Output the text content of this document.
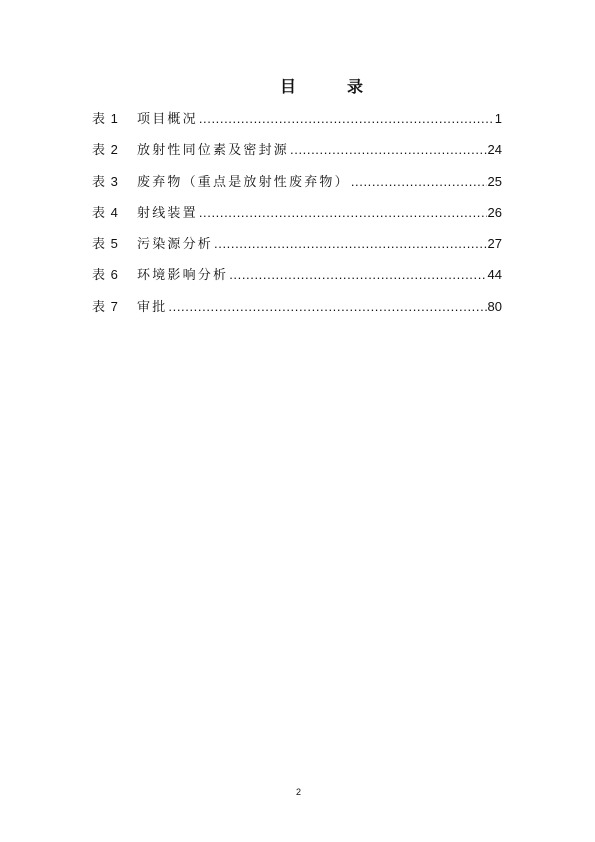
目录
表 1	项目概况 .....	1
表 2	放射性同位素及密封源 .....	24
表 3	废弃物（重点是放射性废弃物） .....	25
表 4	射线装置 .....	26
表 5	污染源分析 .....	27
表 6	环境影响分析 .....	44
表 7	审批 .....	80
2
